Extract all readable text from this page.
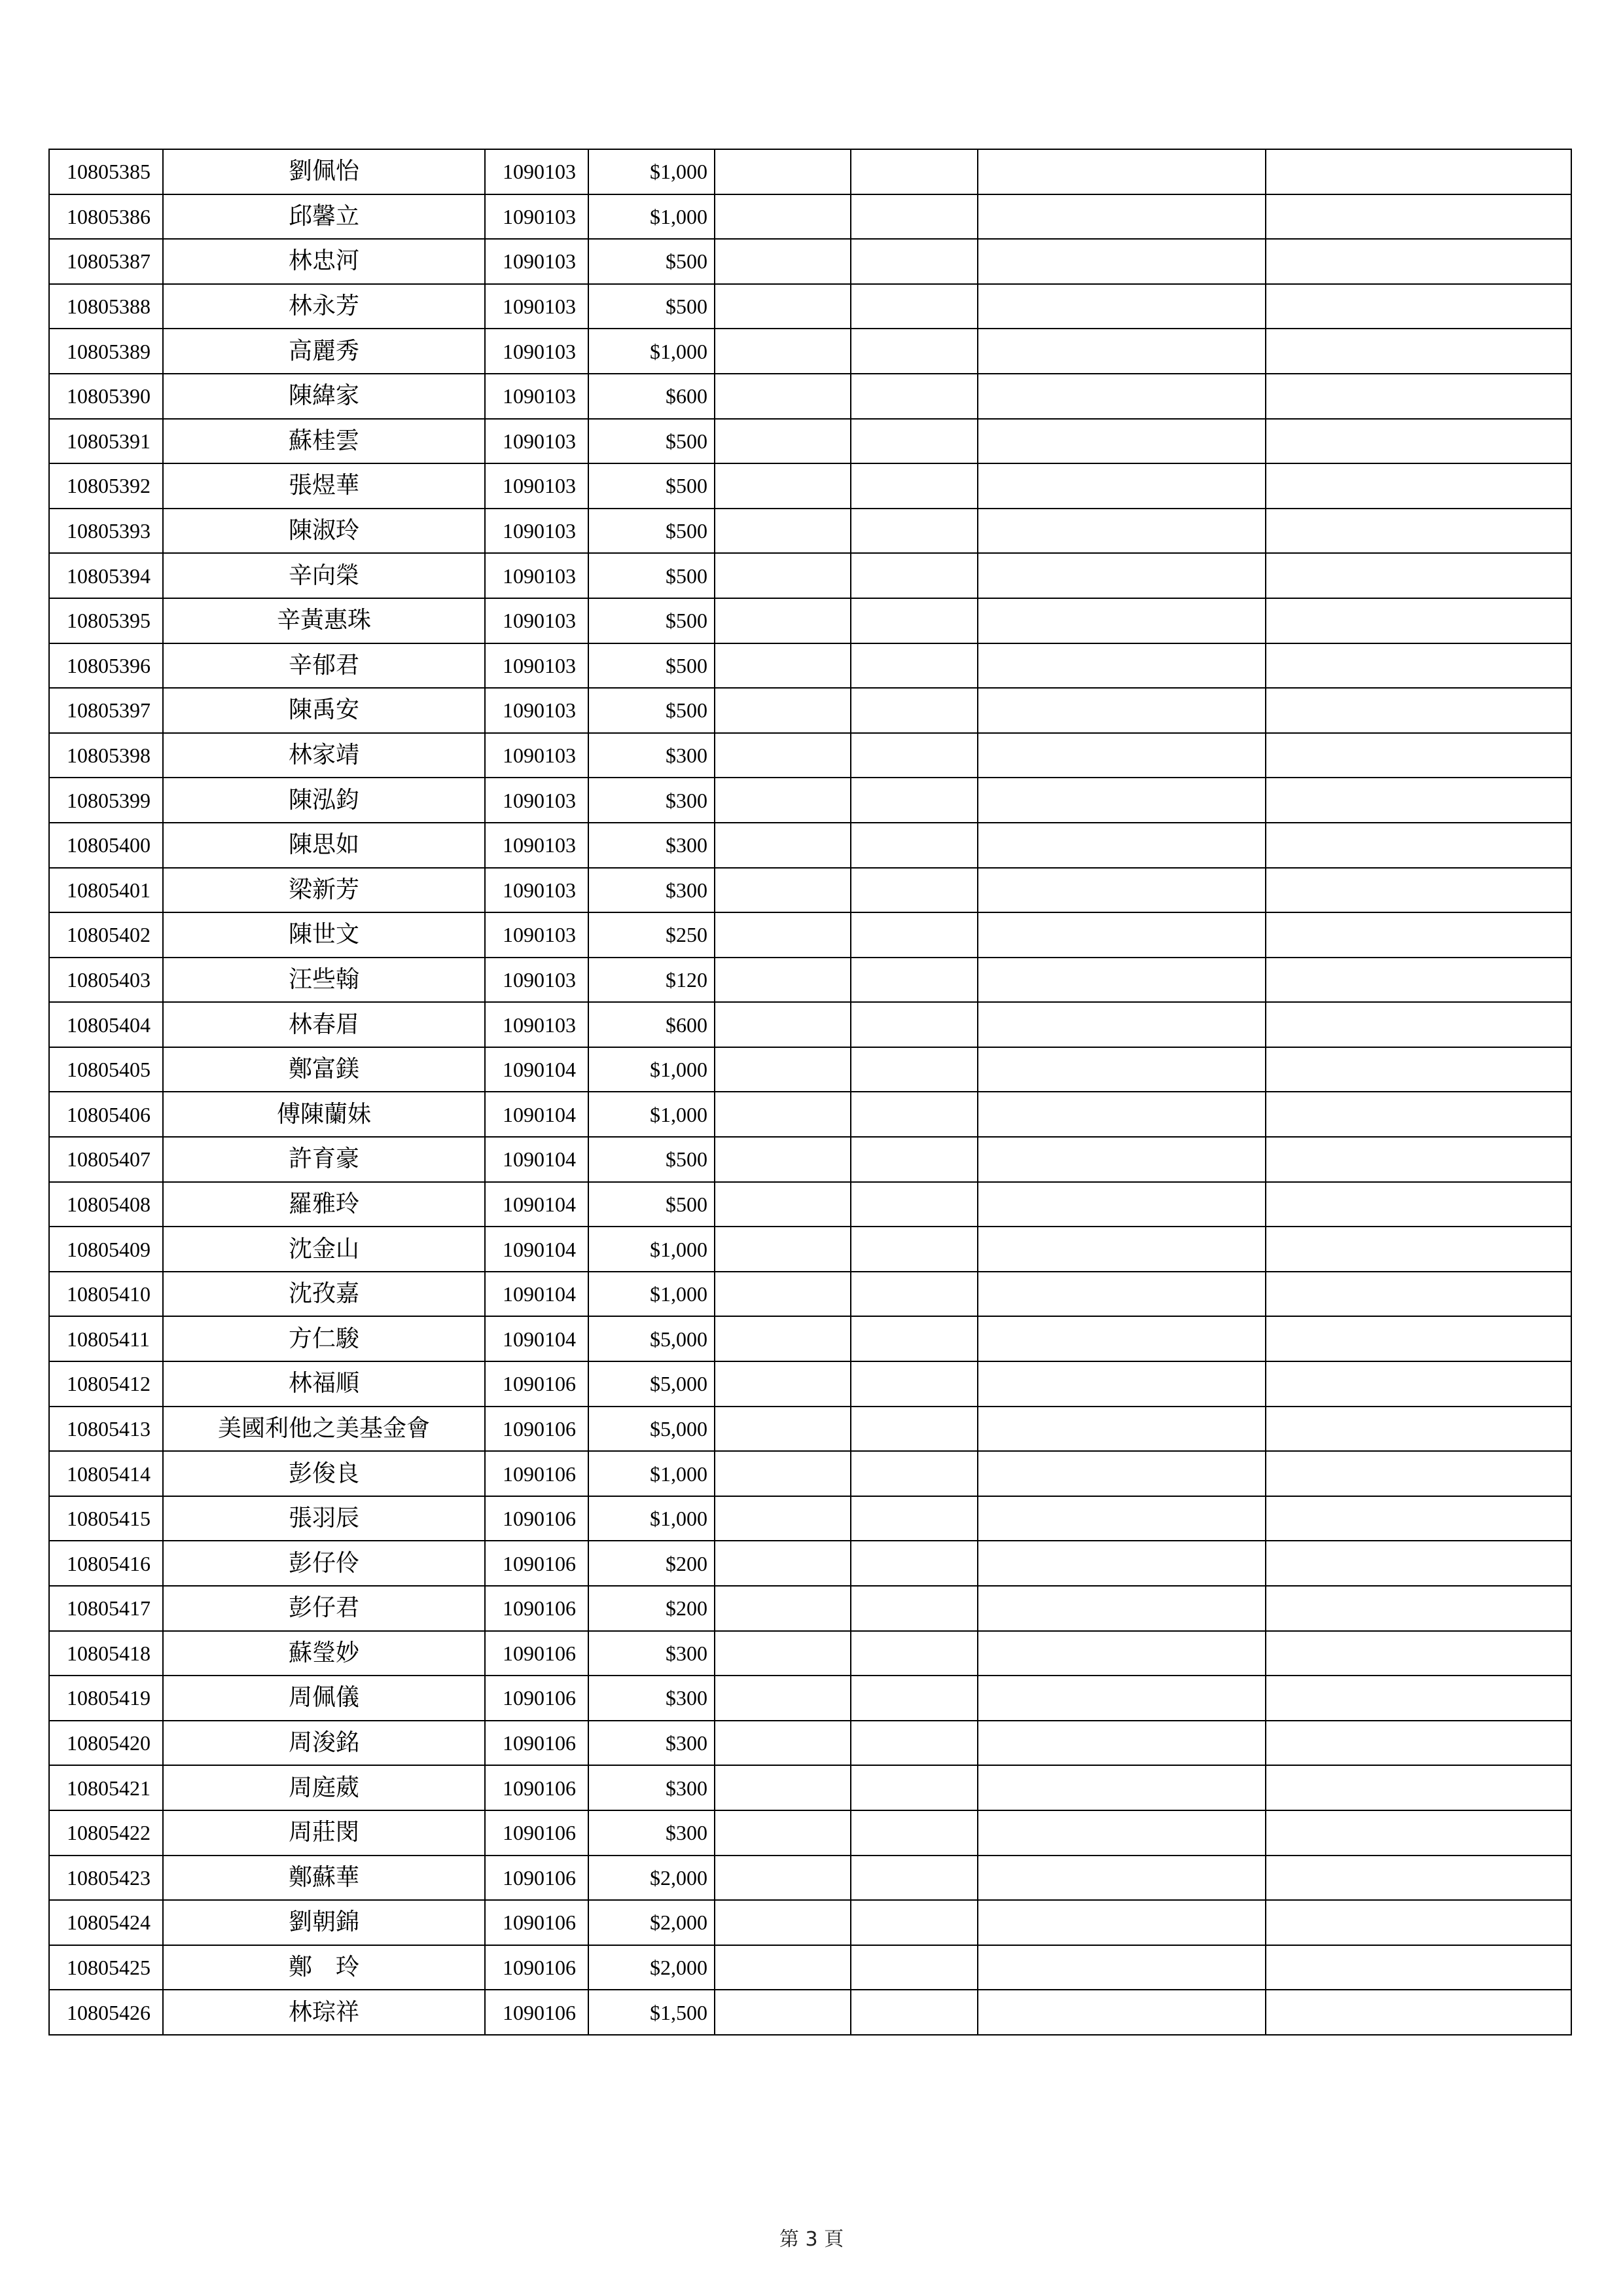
10805385	劉佩怡	1090103	$1,000				
10805386	邱馨立	1090103	$1,000				
10805387	林忠河	1090103	$500				
10805388	林永芳	1090103	$500				
10805389	高麗秀	1090103	$1,000				
10805390	陳緯家	1090103	$600				
10805391	蘇桂雲	1090103	$500				
10805392	張煜華	1090103	$500				
10805393	陳淑玲	1090103	$500				
10805394	辛向榮	1090103	$500				
10805395	辛黃惠珠	1090103	$500				
10805396	辛郁君	1090103	$500				
10805397	陳禹安	1090103	$500				
10805398	林家靖	1090103	$300				
10805399	陳泓鈞	1090103	$300				
10805400	陳思如	1090103	$300				
10805401	梁新芳	1090103	$300				
10805402	陳世文	1090103	$250				
10805403	汪些翰	1090103	$120				
10805404	林春眉	1090103	$600				
10805405	鄭富鎂	1090104	$1,000				
10805406	傅陳蘭妹	1090104	$1,000				
10805407	許育豪	1090104	$500				
10805408	羅雅玲	1090104	$500				
10805409	沈金山	1090104	$1,000				
10805410	沈孜嘉	1090104	$1,000				
10805411	方仁駿	1090104	$5,000				
10805412	林福順	1090106	$5,000				
10805413	美國利他之美基金會	1090106	$5,000				
10805414	彭俊良	1090106	$1,000				
10805415	張羽辰	1090106	$1,000				
10805416	彭仔伶	1090106	$200				
10805417	彭仔君	1090106	$200				
10805418	蘇瑩妙	1090106	$300				
10805419	周佩儀	1090106	$300				
10805420	周浚銘	1090106	$300				
10805421	周庭葳	1090106	$300				
10805422	周莊閔	1090106	$300				
10805423	鄭蘇華	1090106	$2,000				
10805424	劉朝錦	1090106	$2,000				
10805425	鄭　玲	1090106	$2,000				
10805426	林琮祥	1090106	$1,500				
第 3 頁
